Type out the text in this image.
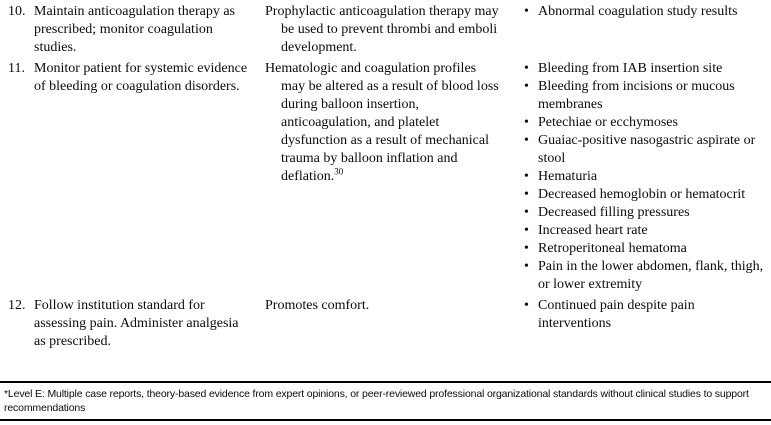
10. Maintain anticoagulation therapy as prescribed; monitor coagulation studies.
Prophylactic anticoagulation therapy may be used to prevent thrombi and emboli development.
• Abnormal coagulation study results
11. Monitor patient for systemic evidence of bleeding or coagulation disorders.
Hematologic and coagulation profiles may be altered as a result of blood loss during balloon insertion, anticoagulation, and platelet dysfunction as a result of mechanical trauma by balloon inflation and deflation.$^{30}$
• Bleeding from IAB insertion site
• Bleeding from incisions or mucous membranes
• Petechiae or ecchymoses
• Guaiac-positive nasogastric aspirate or stool
• Hematuria
• Decreased hemoglobin or hematocrit
• Decreased filling pressures
• Increased heart rate
• Retroperitoneal hematoma
• Pain in the lower abdomen, flank, thigh, or lower extremity
12. Follow institution standard for assessing pain. Administer analgesia as prescribed.
Promotes comfort.	• Continued pain despite pain interventions
*Level E: Multiple case reports, theory-based evidence from expert opinions, or peer-reviewed professional organizational standards without clinical studies to support recommendations
